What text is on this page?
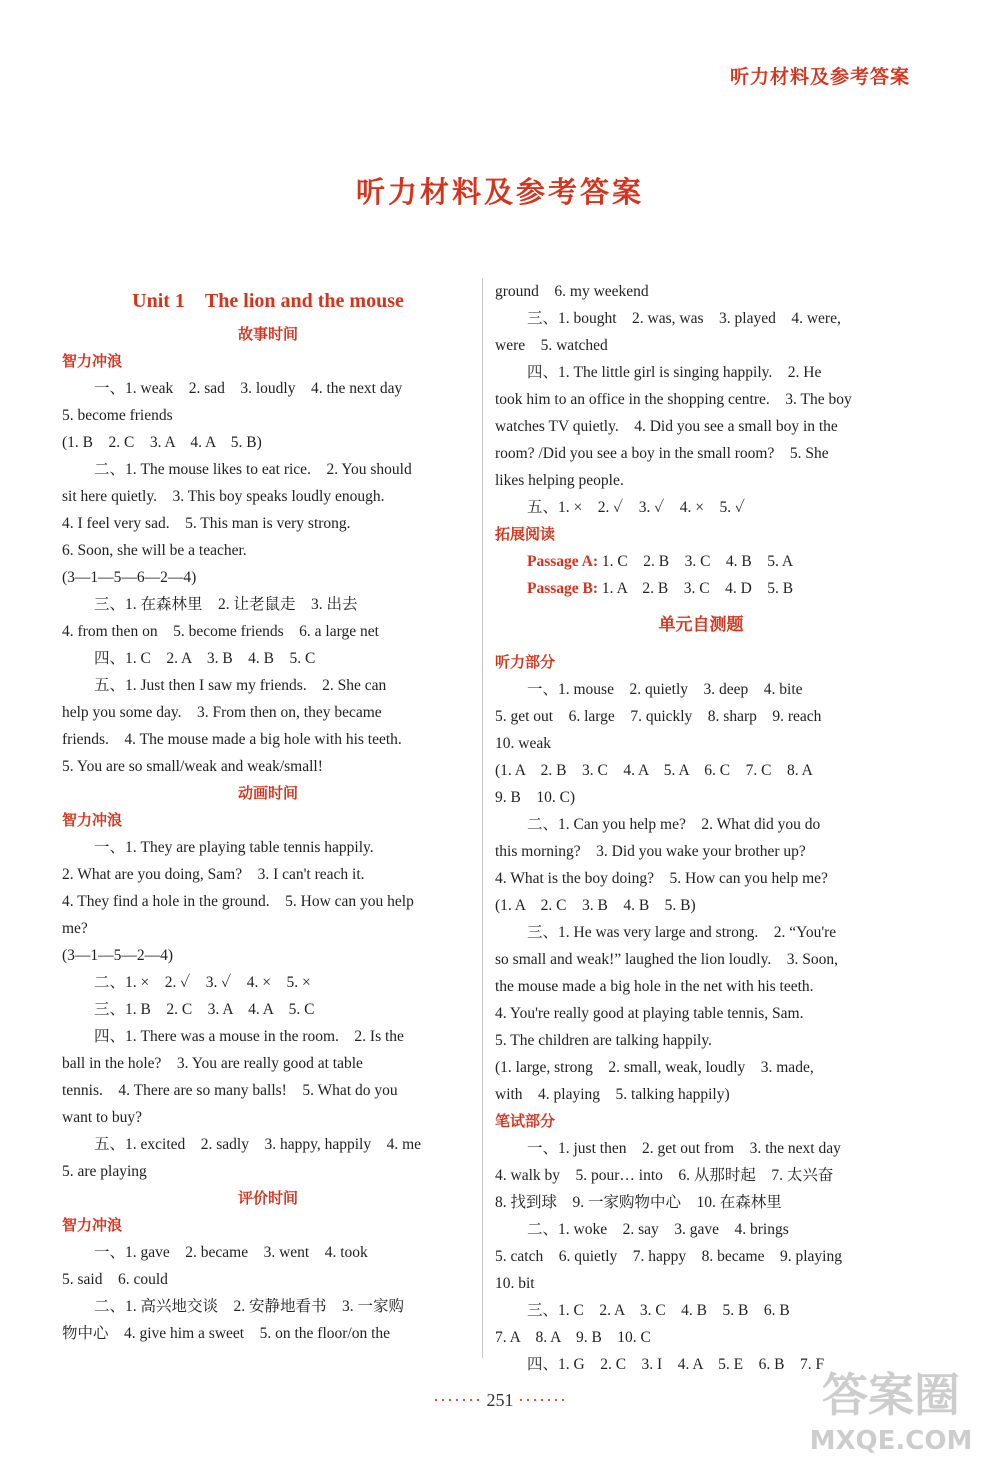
听力材料及参考答案
听力材料及参考答案
Unit 1　The lion and the mouse
故事时间
智力冲浪
一、1. weak　2. sad　3. loudly　4. the next day
5. become friends
(1. B　2. C　3. A　4. A　5. B)
二、1. The mouse likes to eat rice.　2. You should
sit here quietly.　3. This boy speaks loudly enough.
4. I feel very sad.　5. This man is very strong.
6. Soon, she will be a teacher.
(3—1—5—6—2—4)
三、1. 在森林里　2. 让老鼠走　3. 出去
4. from then on　5. become friends　6. a large net
四、1. C　2. A　3. B　4. B　5. C
五、1. Just then I saw my friends.　2. She can
help you some day.　3. From then on, they became
friends.　4. The mouse made a big hole with his teeth.
5. You are so small/weak and weak/small!
动画时间
智力冲浪
一、1. They are playing table tennis happily.
2. What are you doing, Sam?　3. I can't reach it.
4. They find a hole in the ground.　5. How can you help
me?
(3—1—5—2—4)
二、1. ×　2. ✓　3. ✓　4. ×　5. ×
三、1. B　2. C　3. A　4. A　5. C
四、1. There was a mouse in the room.　2. Is the
ball in the hole?　3. You are really good at table
tennis.　4. There are so many balls!　5. What do you
want to buy?
五、1. excited　2. sadly　3. happy, happily　4. me
5. are playing
评价时间
智力冲浪
一、1. gave　2. became　3. went　4. took
5. said　6. could
二、1. 高兴地交谈　2. 安静地看书　3. 一家购
物中心　4. give him a sweet　5. on the floor/on the
ground　6. my weekend
三、1. bought　2. was, was　3. played　4. were,
were　5. watched
四、1. The little girl is singing happily.　2. He
took him to an office in the shopping centre.　3. The boy
watches TV quietly.　4. Did you see a small boy in the
room? /Did you see a boy in the small room?　5. She
likes helping people.
五、1. ×　2. ✓　3. ✓　4. ×　5. ✓
拓展阅读
Passage A: 1. C　2. B　3. C　4. B　5. A
Passage B: 1. A　2. B　3. C　4. D　5. B
单元自测题
听力部分
一、1. mouse　2. quietly　3. deep　4. bite
5. get out　6. large　7. quickly　8. sharp　9. reach
10. weak
(1. A　2. B　3. C　4. A　5. A　6. C　7. C　8. A
9. B　10. C)
二、1. Can you help me?　2. What did you do
this morning?　3. Did you wake your brother up?
4. What is the boy doing?　5. How can you help me?
(1. A　2. C　3. B　4. B　5. B)
三、1. He was very large and strong.　2. “You're
so small and weak!” laughed the lion loudly.　3. Soon,
the mouse made a big hole in the net with his teeth.
4. You're really good at playing table tennis, Sam.
5. The children are talking happily.
(1. large, strong　2. small, weak, loudly　3. made,
with　4. playing　5. talking happily)
笔试部分
一、1. just then　2. get out from　3. the next day
4. walk by　5. pour… into　6. 从那时起　7. 太兴奋
8. 找到球　9. 一家购物中心　10. 在森林里
二、1. woke　2. say　3. gave　4. brings
5. catch　6. quietly　7. happy　8. became　9. playing
10. bit
三、1. C　2. A　3. C　4. B　5. B　6. B
7. A　8. A　9. B　10. C
四、1. G　2. C　3. I　4. A　5. E　6. B　7. F
······· 251 ·······	答案圈
MXQE.COM
